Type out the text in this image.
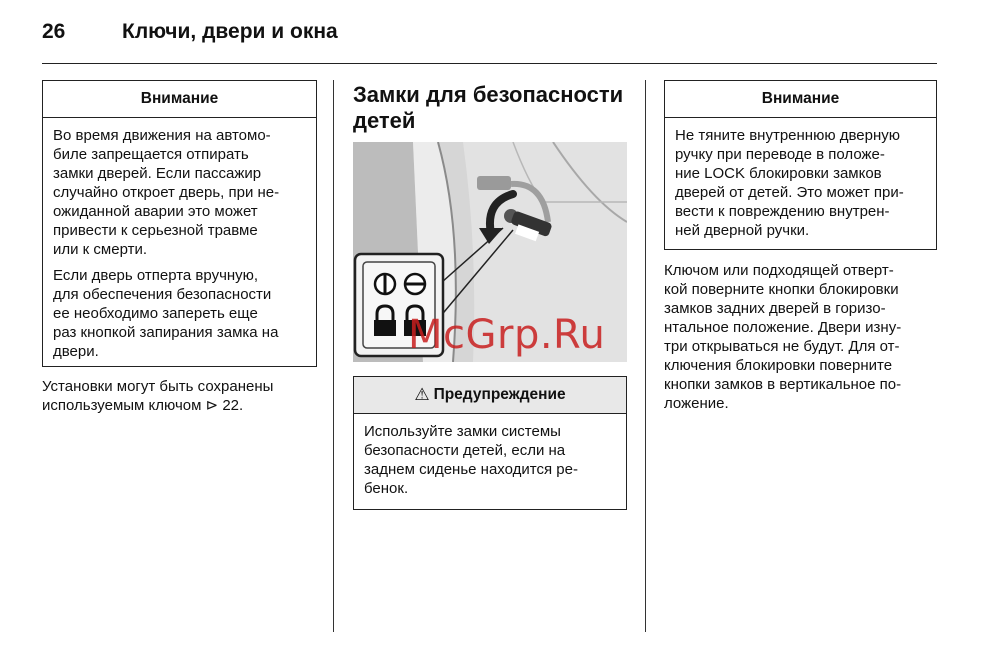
26	Ключи, двери и окна
Внимание

Во время движения на автомо-
биле запрещается отпирать
замки дверей. Если пассажир
случайно откроет дверь, при не-
ожиданной аварии это может
привести к серьезной травме
или к смерти.

Если дверь отперта вручную,
для обеспечения безопасности
ее необходимо запереть еще
раз кнопкой запирания замка на
двери.

Установки могут быть сохранены
используемым ключом ⊳ 22.
Замки для безопасности
детей
⚠ Предупреждение
Используйте замки системы
безопасности детей, если на
заднем сиденье находится ре-
бенок.
Внимание
Не тяните внутреннюю дверную
ручку при переводе в положе-
ние LOCK блокировки замков
дверей от детей. Это может при-
вести к повреждению внутрен-
ней дверной ручки.
Ключом или подходящей отверт-
кой поверните кнопки блокировки
замков задних дверей в горизо-
нтальное положение. Двери изну-
три открываться не будут. Для от-
ключения блокировки поверните
кнопки замков в вертикальное по-
ложение.
McGrp.Ru
